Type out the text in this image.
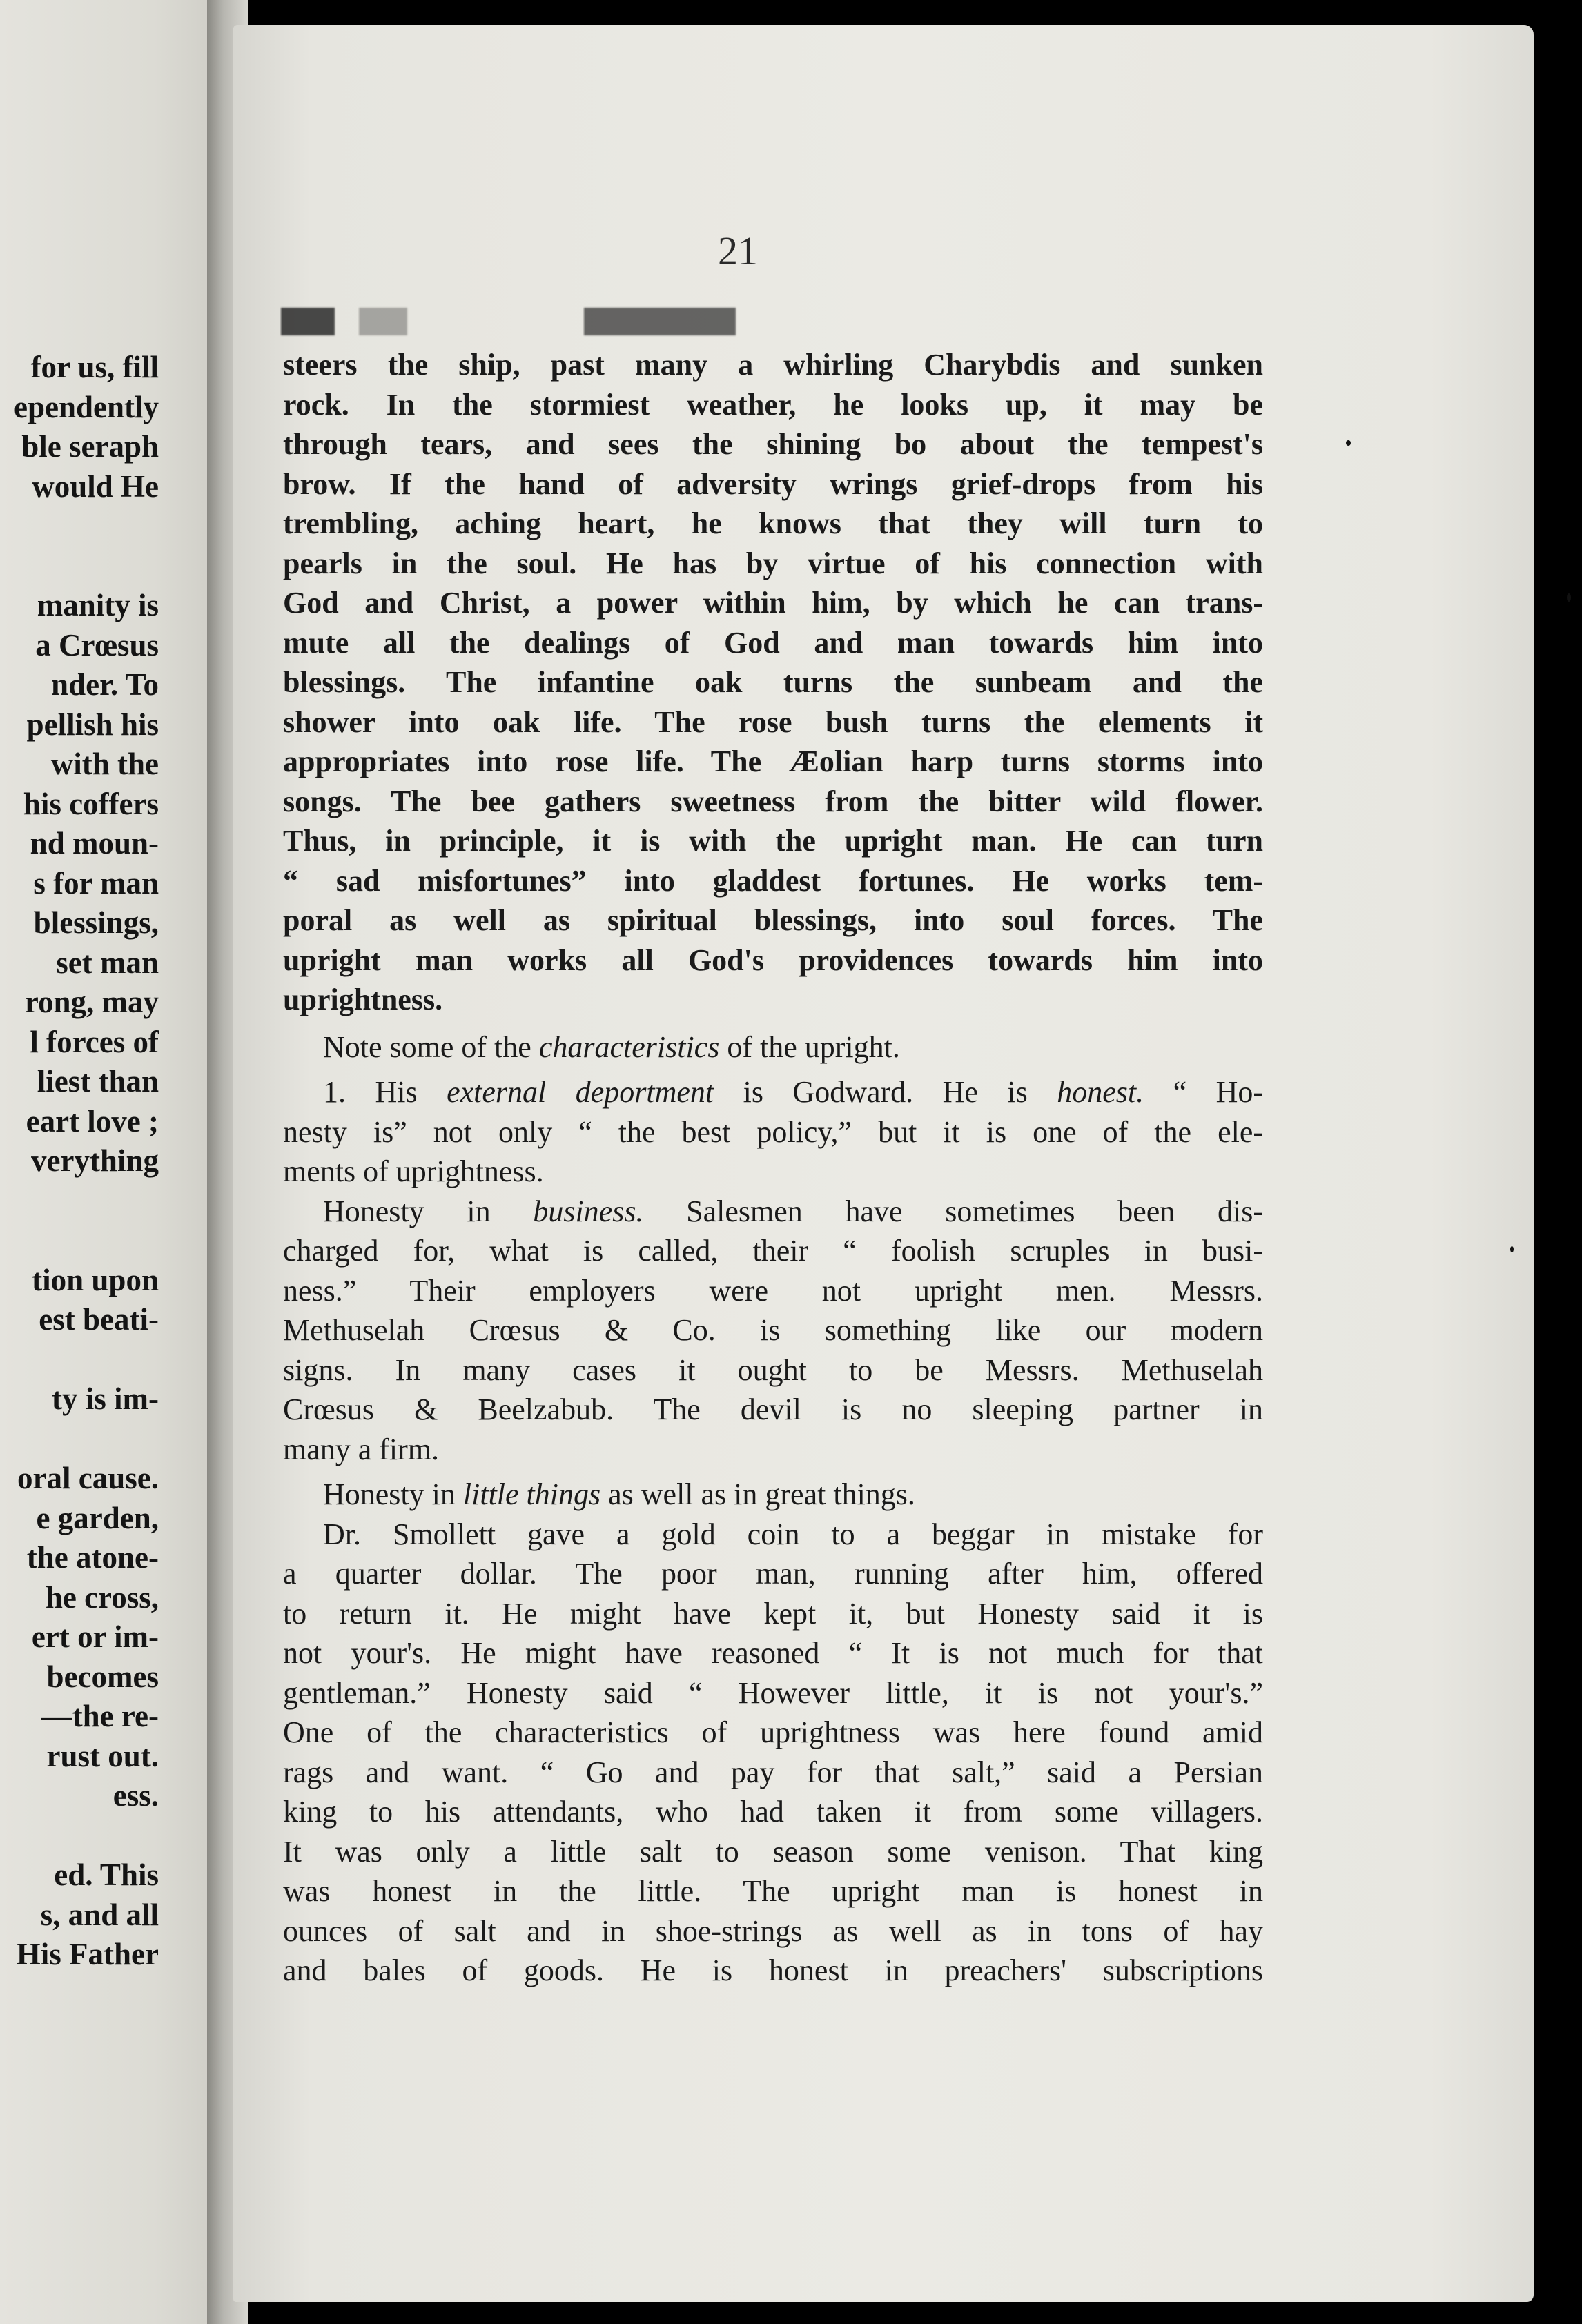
for us, fill
ependently
ble seraph
would He

manity is
a Crœsus
nder. To
pellish his
with the
his coffers
nd moun-
s for man
blessings,
set man
rong, may
l forces of
liest than
eart love ;
verything

tion upon
est beati-

ty is im-

oral cause.
e garden,
the atone-
he cross,
ert or im-
becomes
—the re-
rust out.
ess.

ed. This
s, and all
His Father
21
steers the ship, past many a whirling Charybdis and sunken
rock. In the stormiest weather, he looks up, it may be
through tears, and sees the shining bo about the tempest's
brow. If the hand of adversity wrings grief-drops from his
trembling, aching heart, he knows that they will turn to
pearls in the soul. He has by virtue of his connection with
God and Christ, a power within him, by which he can trans-
mute all the dealings of God and man towards him into
blessings. The infantine oak turns the sunbeam and the
shower into oak life. The rose bush turns the elements it
appropriates into rose life. The Æolian harp turns storms into
songs. The bee gathers sweetness from the bitter wild flower.
Thus, in principle, it is with the upright man. He can turn
“ sad misfortunes” into gladdest fortunes. He works tem-
poral as well as spiritual blessings, into soul forces. The
upright man works all God's providences towards him into
uprightness.
Note some of the characteristics of the upright.
1. His external deportment is Godward. He is honest. “ Ho-
nesty is” not only “ the best policy,” but it is one of the ele-
ments of uprightness.
Honesty in business. Salesmen have sometimes been dis-
charged for, what is called, their “ foolish scruples in busi-
ness.” Their employers were not upright men. Messrs.
Methuselah Crœsus & Co. is something like our modern
signs. In many cases it ought to be Messrs. Methuselah
Crœsus & Beelzabub. The devil is no sleeping partner in
many a firm.
Honesty in little things as well as in great things.
Dr. Smollett gave a gold coin to a beggar in mistake for
a quarter dollar. The poor man, running after him, offered
to return it. He might have kept it, but Honesty said it is
not your's. He might have reasoned “ It is not much for that
gentleman.” Honesty said “ However little, it is not your's.”
One of the characteristics of uprightness was here found amid
rags and want. “ Go and pay for that salt,” said a Persian
king to his attendants, who had taken it from some villagers.
It was only a little salt to season some venison. That king
was honest in the little. The upright man is honest in
ounces of salt and in shoe-strings as well as in tons of hay
and bales of goods. He is honest in preachers' subscriptions
